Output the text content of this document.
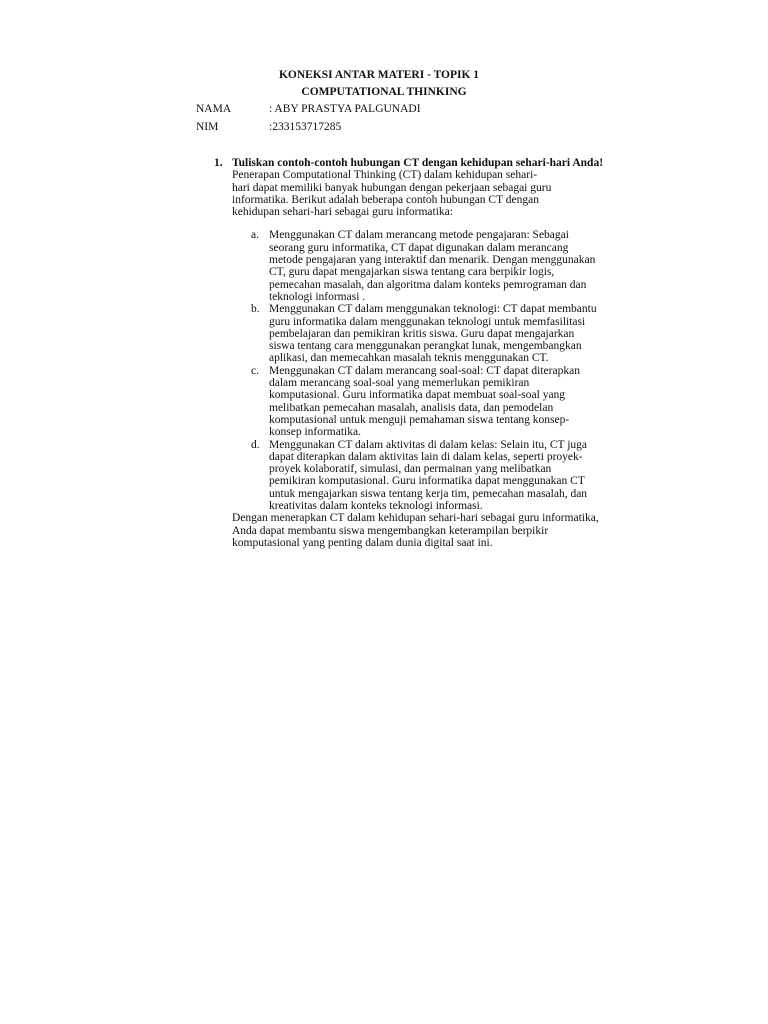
KONEKSI ANTAR MATERI - TOPIK 1

COMPUTATIONAL THINKING

NAMA	: ABY PRASTYA PALGUNADI
NIM	:233153717285
1. Tuliskan contoh-contoh hubungan CT dengan kehidupan sehari-hari Anda!

Penerapan Computational Thinking (CT) dalam kehidupan sehari-hari dapat memiliki banyak hubungan dengan pekerjaan sebagai guru informatika. Berikut adalah beberapa contoh hubungan CT dengan kehidupan sehari-hari sebagai guru informatika:

a. Menggunakan CT dalam merancang metode pengajaran: Sebagai seorang guru informatika, CT dapat digunakan dalam merancang metode pengajaran yang interaktif dan menarik. Dengan menggunakan CT, guru dapat mengajarkan siswa tentang cara berpikir logis, pemecahan masalah, dan algoritma dalam konteks pemrograman dan teknologi informasi .
b. Menggunakan CT dalam menggunakan teknologi: CT dapat membantu guru informatika dalam menggunakan teknologi untuk memfasilitasi pembelajaran dan pemikiran kritis siswa. Guru dapat mengajarkan siswa tentang cara menggunakan perangkat lunak, mengembangkan aplikasi, dan memecahkan masalah teknis menggunakan CT.
c. Menggunakan CT dalam merancang soal-soal: CT dapat diterapkan dalam merancang soal-soal yang memerlukan pemikiran komputasional. Guru informatika dapat membuat soal-soal yang melibatkan pemecahan masalah, analisis data, dan pemodelan komputasional untuk menguji pemahaman siswa tentang konsep-konsep informatika.
d. Menggunakan CT dalam aktivitas di dalam kelas: Selain itu, CT juga dapat diterapkan dalam aktivitas lain di dalam kelas, seperti proyek-proyek kolaboratif, simulasi, dan permainan yang melibatkan pemikiran komputasional. Guru informatika dapat menggunakan CT untuk mengajarkan siswa tentang kerja tim, pemecahan masalah, dan kreativitas dalam konteks teknologi informasi.

Dengan menerapkan CT dalam kehidupan sehari-hari sebagai guru informatika, Anda dapat membantu siswa mengembangkan keterampilan berpikir komputasional yang penting dalam dunia digital saat ini.
